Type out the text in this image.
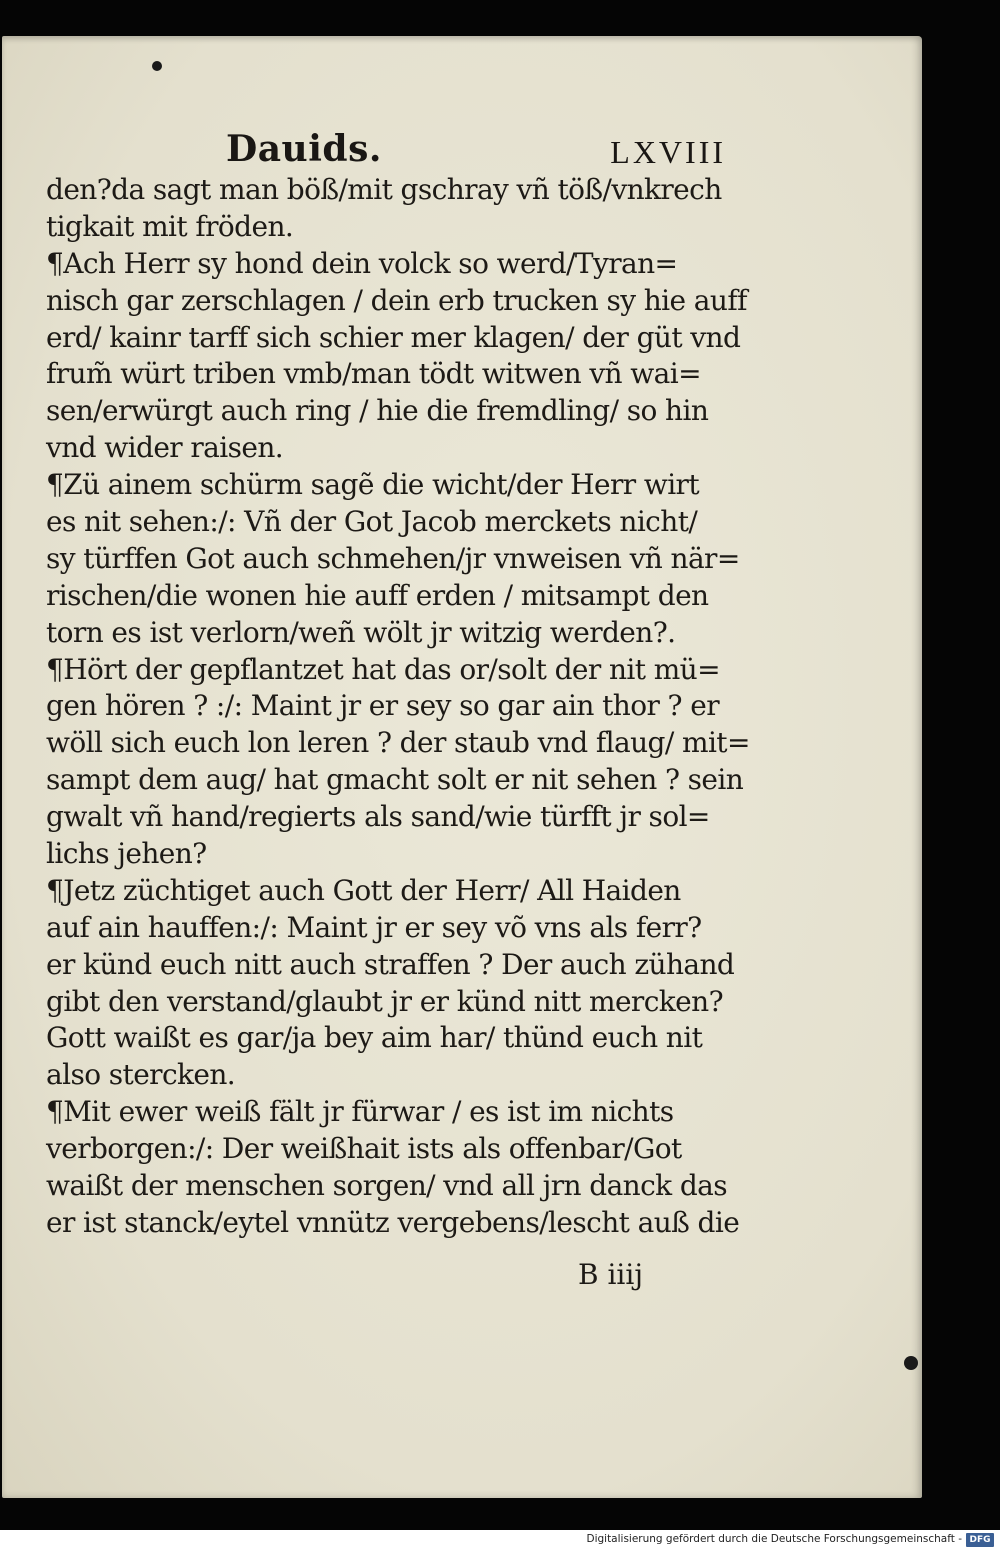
Dauids.	LXVIII
den?da sagt man böß/mit gschray vñ töß/vnkrech
tigkait mit fröden.
¶Ach Herr sy hond dein volck so werd/Tyran=
nisch gar zerschlagen / dein erb trucken sy hie auff
erd/ kainr tarff sich schier mer klagen/ der güt vnd
frum̃ würt triben vmb/man tödt witwen vñ wai=
sen/erwürgt auch ring / hie die fremdling/ so hin
vnd wider raisen.
¶Zü ainem schürm sagẽ die wicht/der Herr wirt
es nit sehen:/: Vñ der Got Jacob merckets nicht/
sy türffen Got auch schmehen/jr vnweisen vñ när=
rischen/die wonen hie auff erden / mitsampt den
torn es ist verlorn/weñ wölt jr witzig werden?.
¶Hört der gepflantzet hat das or/solt der nit mü=
gen hören ? :/: Maint jr er sey so gar ain thor ? er
wöll sich euch lon leren ? der staub vnd flaug/ mit=
sampt dem aug/ hat gmacht solt er nit sehen ? sein
gwalt vñ hand/regierts als sand/wie türfft jr sol=
lichs jehen?
¶Jetz züchtiget auch Gott der Herr/ All Haiden
auf ain hauffen:/: Maint jr er sey võ vns als ferr?
er künd euch nitt auch straffen ? Der auch zühand
gibt den verstand/glaubt jr er künd nitt mercken?
Gott waißt es gar/ja bey aim har/ thünd euch nit
also stercken.
¶Mit ewer weiß fält jr fürwar / es ist im nichts
verborgen:/: Der weißhait ists als offenbar/Got
waißt der menschen sorgen/ vnd all jrn danck das
er ist stanck/eytel vnnütz vergebens/lescht auß die
B iiij
Digitalisierung gefördert durch die Deutsche Forschungsgemeinschaft - DFG
